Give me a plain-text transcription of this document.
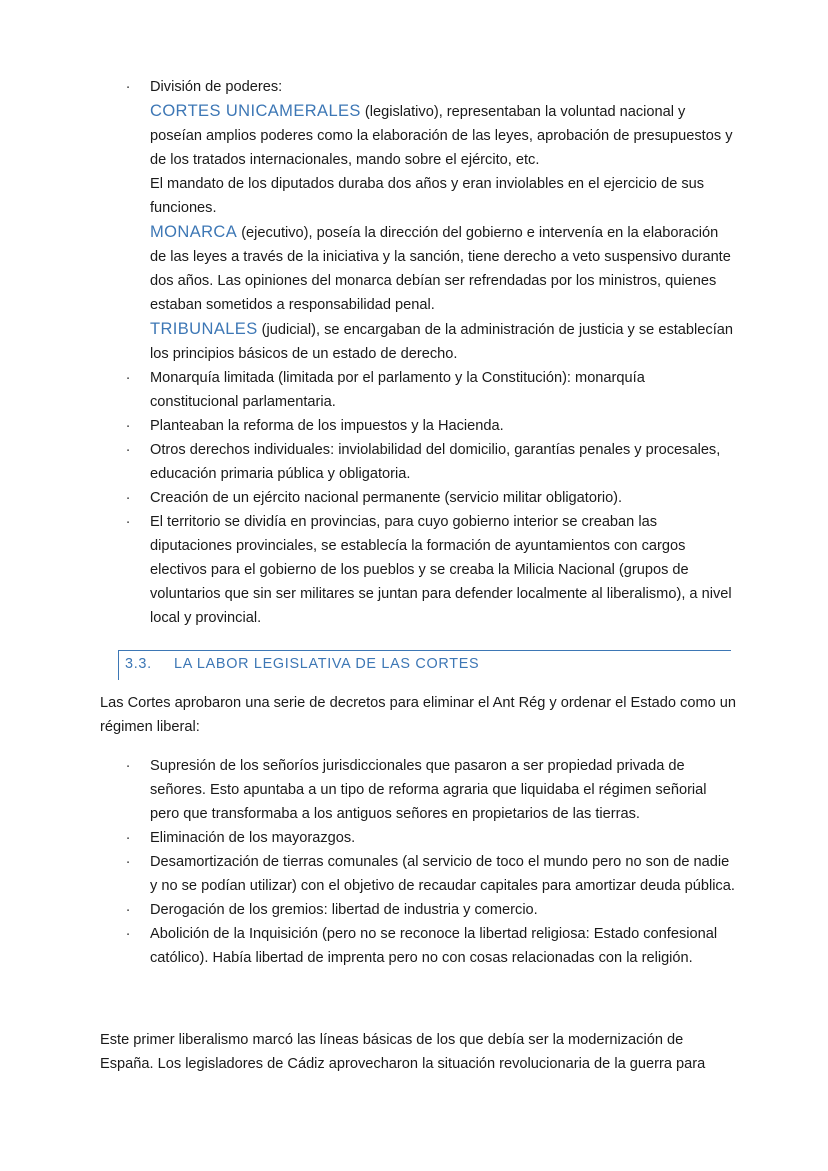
· División de poderes:
CORTES UNICAMERALES (legislativo), representaban la voluntad nacional y poseían amplios poderes como la elaboración de las leyes, aprobación de presupuestos y de los tratados internacionales, mando sobre el ejército, etc.
El mandato de los diputados duraba dos años y eran inviolables en el ejercicio de sus funciones.
MONARCA (ejecutivo), poseía la dirección del gobierno e intervenía en la elaboración de las leyes a través de la iniciativa y la sanción, tiene derecho a veto suspensivo durante dos años. Las opiniones del monarca debían ser refrendadas por los ministros, quienes estaban sometidos a responsabilidad penal.
TRIBUNALES (judicial), se encargaban de la administración de justicia y se establecían los principios básicos de un estado de derecho.
· Monarquía limitada (limitada por el parlamento y la Constitución): monarquía constitucional parlamentaria.
· Planteaban la reforma de los impuestos y la Hacienda.
· Otros derechos individuales: inviolabilidad del domicilio, garantías penales y procesales, educación primaria pública y obligatoria.
· Creación de un ejército nacional permanente (servicio militar obligatorio).
· El territorio se dividía en provincias, para cuyo gobierno interior se creaban las diputaciones provinciales, se establecía la formación de ayuntamientos con cargos electivos para el gobierno de los pueblos y se creaba la Milicia Nacional (grupos de voluntarios que sin ser militares se juntan para defender localmente al liberalismo), a nivel local y provincial.
3.3. LA LABOR LEGISLATIVA DE LAS CORTES

Las Cortes aprobaron una serie de decretos para eliminar el Ant Rég y ordenar el Estado como un régimen liberal:

· Supresión de los señoríos jurisdiccionales que pasaron a ser propiedad privada de señores. Esto apuntaba a un tipo de reforma agraria que liquidaba el régimen señorial pero que transformaba a los antiguos señores en propietarios de las tierras.
· Eliminación de los mayorazgos.
· Desamortización de tierras comunales (al servicio de toco el mundo pero no son de nadie y no se podían utilizar) con el objetivo de recaudar capitales para amortizar deuda pública.
· Derogación de los gremios: libertad de industria y comercio.
· Abolición de la Inquisición (pero no se reconoce la libertad religiosa: Estado confesional católico). Había libertad de imprenta pero no con cosas relacionadas con la religión.

Este primer liberalismo marcó las líneas básicas de los que debía ser la modernización de España. Los legisladores de Cádiz aprovecharon la situación revolucionaria de la guerra para
